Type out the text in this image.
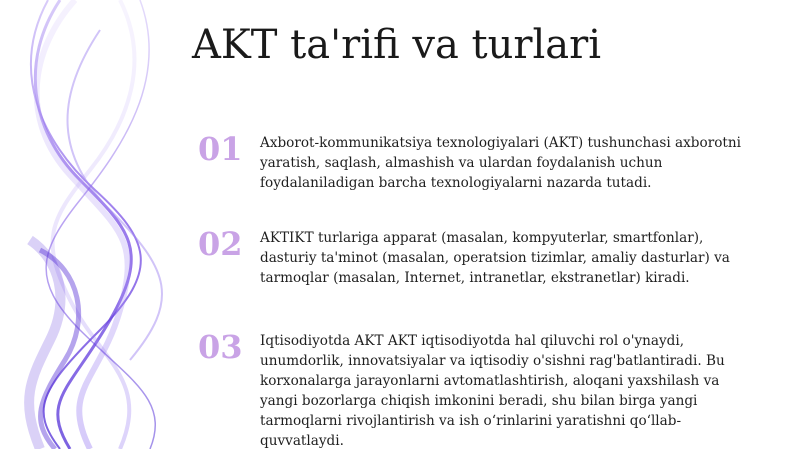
AKT ta'rifi va turlari
01 Axborot-kommunikatsiya texnologiyalari (AKT) tushunchasi axborotni yaratish, saqlash, almashish va ulardan foydalanish uchun foydalaniladigan barcha texnologiyalarni nazarda tutadi.
02 AKTIKT turlariga apparat (masalan, kompyuterlar, smartfonlar), dasturiy ta'minot (masalan, operatsion tizimlar, amaliy dasturlar) va tarmoqlar (masalan, Internet, intranetlar, ekstranetlar) kiradi.
03 Iqtisodiyotda AKT AKT iqtisodiyotda hal qiluvchi rol o'ynaydi, unumdorlik, innovatsiyalar va iqtisodiy o'sishni rag'batlantiradi. Bu korxonalarga jarayonlarni avtomatlashtirish, aloqani yaxshilash va yangi bozorlarga chiqish imkonini beradi, shu bilan birga yangi tarmoqlarni rivojlantirish va ish o‘rinlarini yaratishni qo‘llab-quvvatlaydi.
